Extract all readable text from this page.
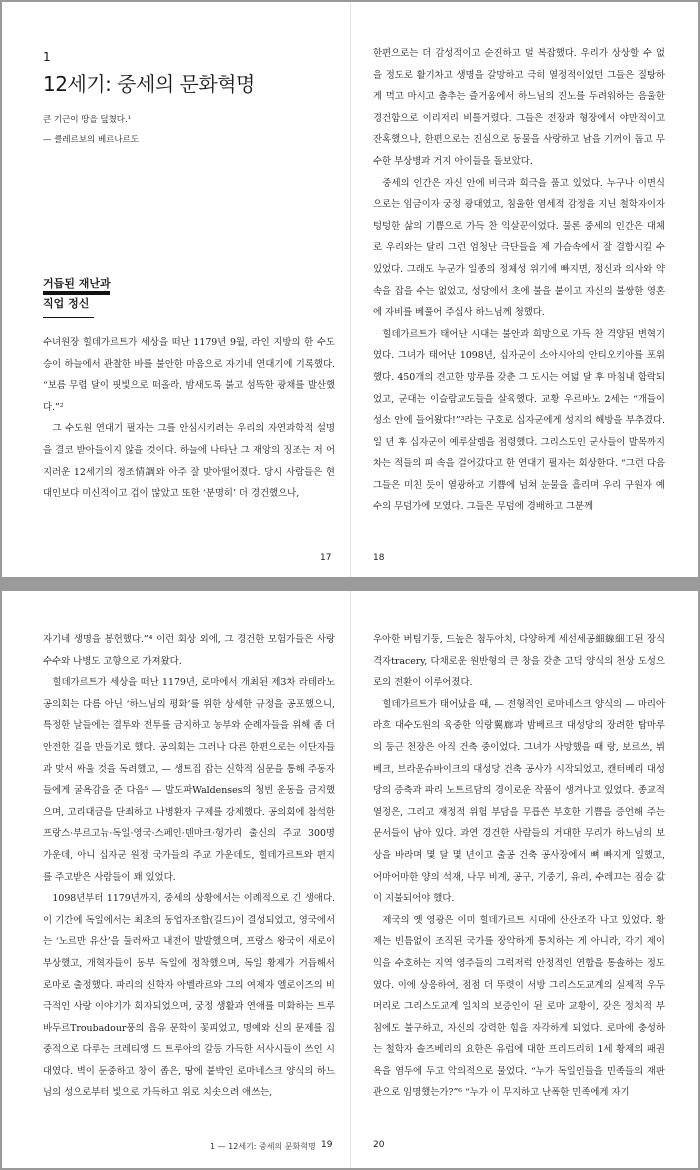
1
12세기: 중세의 문화혁명
큰 기근이 땅을 덮쳤다.¹
— 클레르보의 베르나르도
거듭된 재난과
직업 정신

수녀원장 힐데가르트가 세상을 떠난 1179년 9월, 라인 지방의 한 수도승이 하늘에서 관찰한 바를 불안한 마음으로 자기네 연대기에 기록했다. “보름 무렵 달이 핏빛으로 떠올라, 밤새도록 붉고 섬뜩한 광채를 발산했다.”²

그 수도원 연대기 필자는 그를 안심시키려는 우리의 자연과학적 설명을 결코 받아들이지 않을 것이다. 하늘에 나타난 그 재앙의 징조는 저 어지러운 12세기의 정조情調와 아주 잘 맞아떨어졌다. 당시 사람들은 현대인보다 미신적이고 겁이 많았고 또한 ‘분명히’ 더 경건했으나,

17

한편으로는 더 감성적이고 순진하고 덜 복잡했다. 우리가 상상할 수 없을 정도로 활기차고 생명을 갈망하고 극히 열정적이었던 그들은 질탕하게 먹고 마시고 춤추는 즐거움에서 하느님의 진노를 두려워하는 음울한 경건함으로 이리저리 비틀거렸다. 그들은 전장과 형장에서 야만적이고 잔혹했으나, 한편으로는 진심으로 동물을 사랑하고 남을 기꺼이 돕고 무수한 부상병과 거지 아이들을 돌보았다.

중세의 인간은 자신 안에 비극과 희극을 품고 있었다. 누구나 이면식으로는 임금이자 궁정 광대였고, 침울한 염세적 감정을 지닌 철학자이자 텅텅한 삶의 기쁨으로 가득 찬 익살꾼이었다. 물론 중세의 인간은 대체로 우리와는 달리 그런 엄청난 극단들을 제 가슴속에서 잘 결합시킬 수 있었다. 그래도 누군가 일종의 정체성 위기에 빠지면, 정신과 의사와 약속을 잡을 수는 없었고, 성당에서 초에 불을 붙이고 자신의 불쌍한 영혼에 자비를 베풀어 주십사 하느님께 청했다.

힐데가르트가 태어난 시대는 불안과 희망으로 가득 찬 격양된 변혁기였다. 그녀가 태어난 1098년, 십자군이 소아시아의 안티오키아를 포위했다. 450개의 견고한 망루를 갖춘 그 도시는 여덟 달 후 마침내 함락되었고, 군대는 이슬람교도들을 살육했다. 교황 우르바노 2세는 “개들이 성소 안에 들어왔다!”³라는 구호로 십자군에게 성지의 해방을 부추겼다. 일 년 후 십자군이 예루살렘을 점령했다. 그리스도인 군사들이 발목까지 차는 적들의 피 속을 걸어갔다고 한 연대기 필자는 회상한다. “그런 다음 그들은 미친 듯이 열광하고 기쁨에 넘쳐 눈물을 흘리며 우리 구원자 예수의 무덤가에 모였다. 그들은 무덤에 경배하고 그분께

18

자기네 생명을 봉헌했다.”⁴ 이런 회상 외에, 그 경건한 모험가들은 사랑수수와 나병도 고향으로 가져왔다.

힐데가르트가 세상을 떠난 1179년, 로마에서 개최된 제3차 라테라노 공의회는 다름 아닌 ‘하느님의 평화’를 위한 상세한 규정을 공포했으니, 특정한 날들에는 결투와 전투를 금지하고 농부와 순례자들을 위해 좀 더 안전한 길을 만들기로 했다. 공의회는 그러나 다른 한편으로는 이단자들과 맞서 싸울 것을 독려했고, — 생트집 잡는 신학적 심문을 통해 주동자들에게 굴욕감을 준 다음⁵ — 발도파Waldenses의 청빈 운동을 금지했으며, 고리대금을 단죄하고 나병환자 구제를 강제했다. 공의회에 참석한 프랑스·부르고뉴·독일·영국·스페인·덴마크·헝가리 출신의 주교 300명 가운데, 아니 십자군 원정 국가들의 주교 가운데도, 힐데가르트와 편지를 주고받은 사람들이 꽤 있었다.

1098년부터 1179년까지, 중세의 상황에서는 이례적으로 긴 생애다. 이 기간에 독일에서는 최초의 동업자조합(길드)이 결성되었고, 영국에서는 ‘노르만 유산’을 둘러싸고 내전이 발발했으며, 프랑스 왕국이 새로이 부상했고, 개혁자들이 동부 독일에 정착했으며, 독일 황제가 거듭해서 로마로 출정했다. 파리의 신학자 아벨라르와 그의 여제자 엘로이즈의 비극적인 사랑 이야기가 회자되었으며, 궁정 생활과 연애를 미화하는 트루바두르Troubadour풍의 음유 문학이 꽃피었고, 명예와 신의 문제를 집중적으로 다루는 크레티앵 드 트루아의 갈등 가득한 서사시들이 쓰인 시대였다. 벽이 둔중하고 창이 좁은, 땅에 붙박인 로마네스크 양식의 하느님의 성으로부터 빛으로 가득하고 위로 치솟으려 애쓰는,

1 — 12세기: 중세의 문화혁명 19

우아한 버팀기둥, 드높은 첨두아치, 다양하게 세선세공細線細工된 장식격자tracery, 다채로운 원반형의 큰 창을 갖춘 고딕 양식의 천상 도성으로의 전환이 이루어졌다.

힐데가르트가 태어났을 때, — 전형적인 로마네스크 양식의 — 마리아 라흐 대수도원의 육중한 익랑翼廊과 밤베르크 대성당의 장려한 탑마루의 둥근 천장은 아직 건축 중이었다. 그녀가 사망했을 때 랑, 보르쓰, 뷔베크, 브라운슈바이크의 대성당 건축 공사가 시작되었고, 캔터베리 대성당의 증축과 파리 노트르담의 경이로운 작품이 생겨나고 있었다. 종교적 열정은, 그리고 재정적 위험 부담을 무릅쓴 부호한 기쁨을 증언해 주는 문서들이 남아 있다. 과연 경건한 사람들의 거대한 무리가 하느님의 보상을 바라며 몇 달 몇 년이고 출공 건축 공사장에서 뼈 빠지게 일했고, 어마어마한 양의 석재, 나무 비계, 공구, 기중기, 유리, 수레끄는 짐승 값이 지불되어야 했다.

제국의 옛 영광은 이미 힐데가르트 시대에 산산조각 나고 있었다. 황제는 빈틈없이 조직된 국가를 장악하게 통치하는 게 아니라, 각기 제이익을 수호하는 지역 영주들의 그럭저럭 안정적인 연합을 통솔하는 정도였다. 이에 상응하여, 점점 더 뚜렷이 서방 그리스도교계의 실제적 우두머리로 그리스도교계 일치의 보증인이 된 로마 교황이, 갖은 정치적 부침에도 불구하고, 자신의 강력한 힘을 자각하게 되었다. 로마에 충성하는 철학자 솔즈베리의 요한은 유럽에 대한 프리드리히 1세 황제의 패권욕을 염두에 두고 악의적으로 물었다. “누가 독일인들을 민족들의 재판관으로 임명했는가?”⁶ “누가 이 무지하고 난폭한 민족에게 자기

20
